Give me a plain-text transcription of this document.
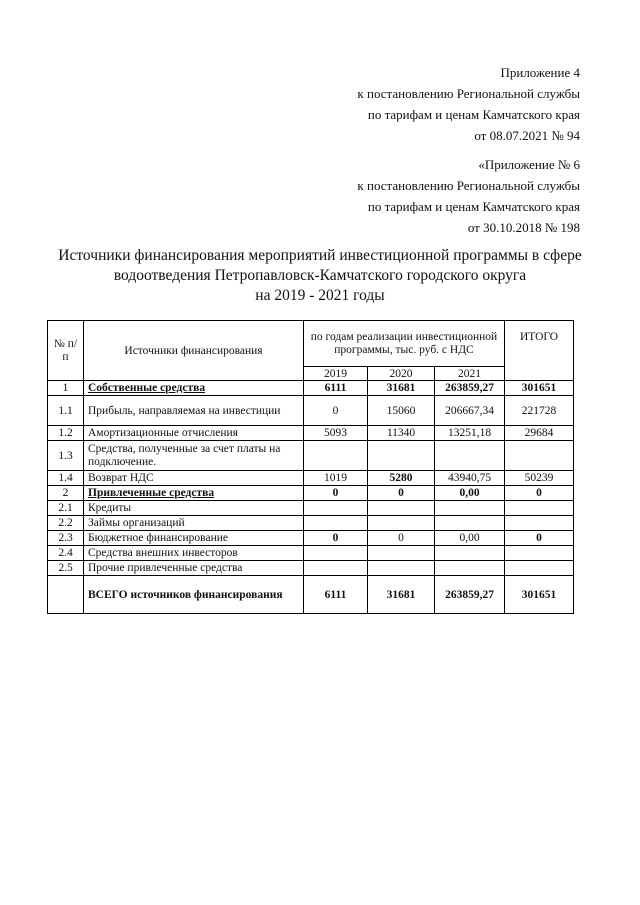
Приложение 4
к постановлению Региональной службы
по тарифам и ценам Камчатского края
от 08.07.2021 № 94
«Приложение № 6
к постановлению Региональной службы
по тарифам и ценам Камчатского края
от 30.10.2018 № 198
Источники финансирования мероприятий инвестиционной программы в сфере
водоотведения Петропавловск-Камчатского городского округа
на 2019 - 2021 годы
№ п/п	Источники финансирования	по годам реализации инвестиционной программы, тыс. руб. с НДС			ИТОГО
		2019	2020	2021	
1	Собственные средства	6111	31681	263859,27	301651
1.1	Прибыль, направляемая на инвестиции	0	15060	206667,34	221728
1.2	Амортизационные отчисления	5093	11340	13251,18	29684
1.3	Средства, полученные за счет платы на подключение.				
1.4	Возврат НДС	1019	5280	43940,75	50239
2	Привлеченные средства	0	0	0,00	0
2.1	Кредиты				
2.2	Займы организаций				
2.3	Бюджетное финансирование	0	0	0,00	0
2.4	Средства внешних инвесторов				
2.5	Прочие привлеченные средства				
	ВСЕГО источников финансирования	6111	31681	263859,27	301651
